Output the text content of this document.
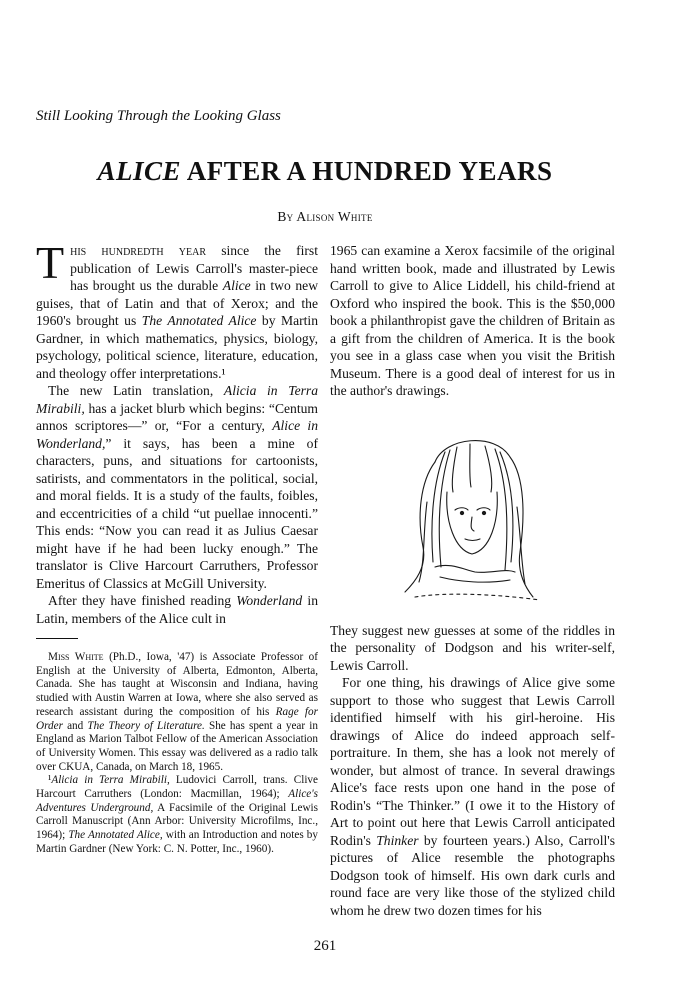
Still Looking Through the Looking Glass
ALICE AFTER A HUNDRED YEARS
By Alison White

This hundredth year since the first publication of Lewis Carroll's master-piece has brought us the durable Alice in two new guises, that of Latin and that of Xerox; and the 1960's brought us The Annotated Alice by Martin Gardner, in which mathematics, physics, biology, psychology, political science, literature, education, and theology offer interpretations.¹

The new Latin translation, Alicia in Terra Mirabili, has a jacket blurb which begins: “Centum annos scriptores—” or, “For a century, Alice in Wonderland,” it says, has been a mine of characters, puns, and situations for cartoonists, satirists, and commentators in the political, social, and moral fields. It is a study of the faults, foibles, and eccentricities of a child “ut puellae innocenti.” This ends: “Now you can read it as Julius Caesar might have if he had been lucky enough.” The translator is Clive Harcourt Carruthers, Professor Emeritus of Classics at McGill University.

After they have finished reading Wonderland in Latin, members of the Alice cult in

Miss White (Ph.D., Iowa, '47) is Associate Professor of English at the University of Alberta, Edmonton, Alberta, Canada. She has taught at Wisconsin and Indiana, having studied with Austin Warren at Iowa, where she also served as research assistant during the composition of his Rage for Order and The Theory of Literature. She has spent a year in England as Marion Talbot Fellow of the American Association of University Women. This essay was delivered as a radio talk over CKUA, Canada, on March 18, 1965.

¹Alicia in Terra Mirabili, Ludovici Carroll, trans. Clive Harcourt Carruthers (London: Macmillan, 1964); Alice's Adventures Underground, A Facsimile of the Original Lewis Carroll Manuscript (Ann Arbor: University Microfilms, Inc., 1964); The Annotated Alice, with an Introduction and notes by Martin Gardner (New York: C. N. Potter, Inc., 1960).

1965 can examine a Xerox facsimile of the original hand written book, made and illustrated by Lewis Carroll to give to Alice Liddell, his child-friend at Oxford who inspired the book. This is the $50,000 book a philanthropist gave the children of Britain as a gift from the children of America. It is the book you see in a glass case when you visit the British Museum. There is a good deal of interest for us in the author's drawings.

They suggest new guesses at some of the riddles in the personality of Dodgson and his writer-self, Lewis Carroll.

For one thing, his drawings of Alice give some support to those who suggest that Lewis Carroll identified himself with his girl-heroine. His drawings of Alice do indeed approach self-portraiture. In them, she has a look not merely of wonder, but almost of trance. In several drawings Alice's face rests upon one hand in the pose of Rodin's “The Thinker.” (I owe it to the History of Art to point out here that Lewis Carroll anticipated Rodin's Thinker by fourteen years.) Also, Carroll's pictures of Alice resemble the photographs Dodgson took of himself. His own dark curls and round face are very like those of the stylized child whom he drew two dozen times for his

261
